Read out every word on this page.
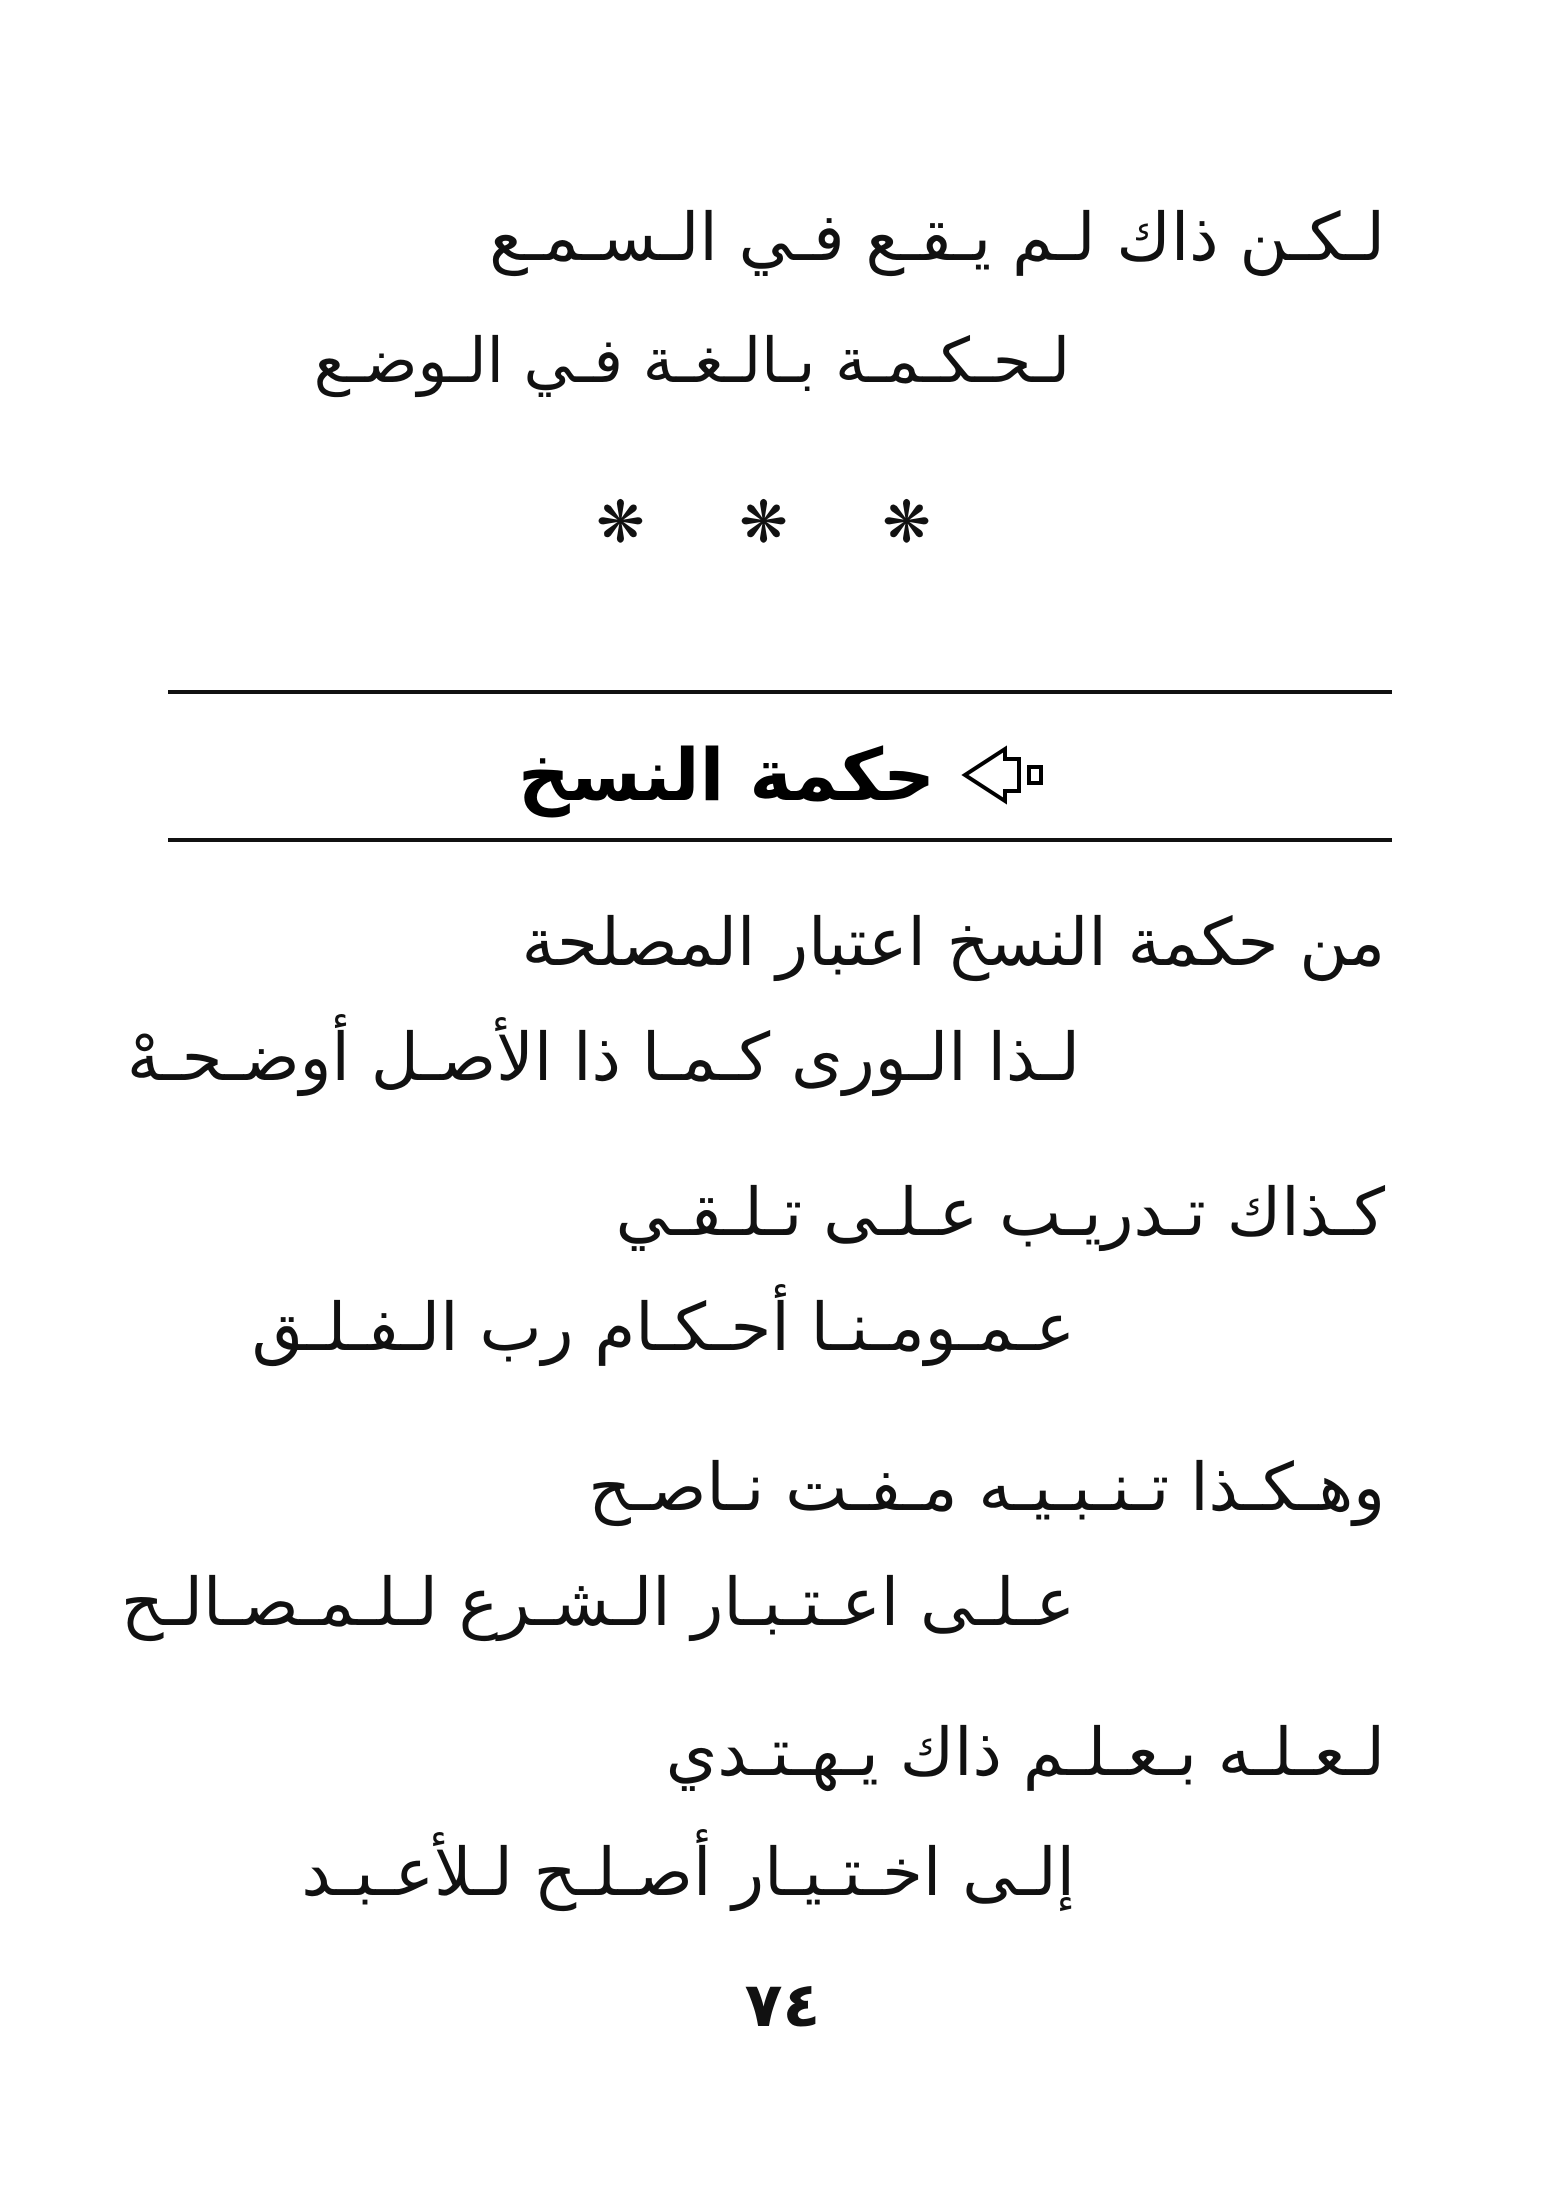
لـكـن ذاك لـم يـقـع فـي الـسـمـع
لـحـكـمـة بـالـغـة فـي الـوضـع
❋ ❋ ❋
حكمة النسخ
من حكمة النسخ اعتبار المصلحة
لـذا الـورى كـمـا ذا الأصـل أوضـحـهْ
كـذاك تـدريـب عـلـى تـلـقـي
عـمـومـنـا أحـكـام رب الـفـلـق
وهـكـذا تـنـبـيـه مـفـت نـاصـح
عـلـى اعـتـبـار الـشـرع لـلـمـصـالـح
لـعـلـه بـعـلـم ذاك يـهـتـدي
إلـى اخـتـيـار أصـلـح لـلأعـبـد
٧٤
